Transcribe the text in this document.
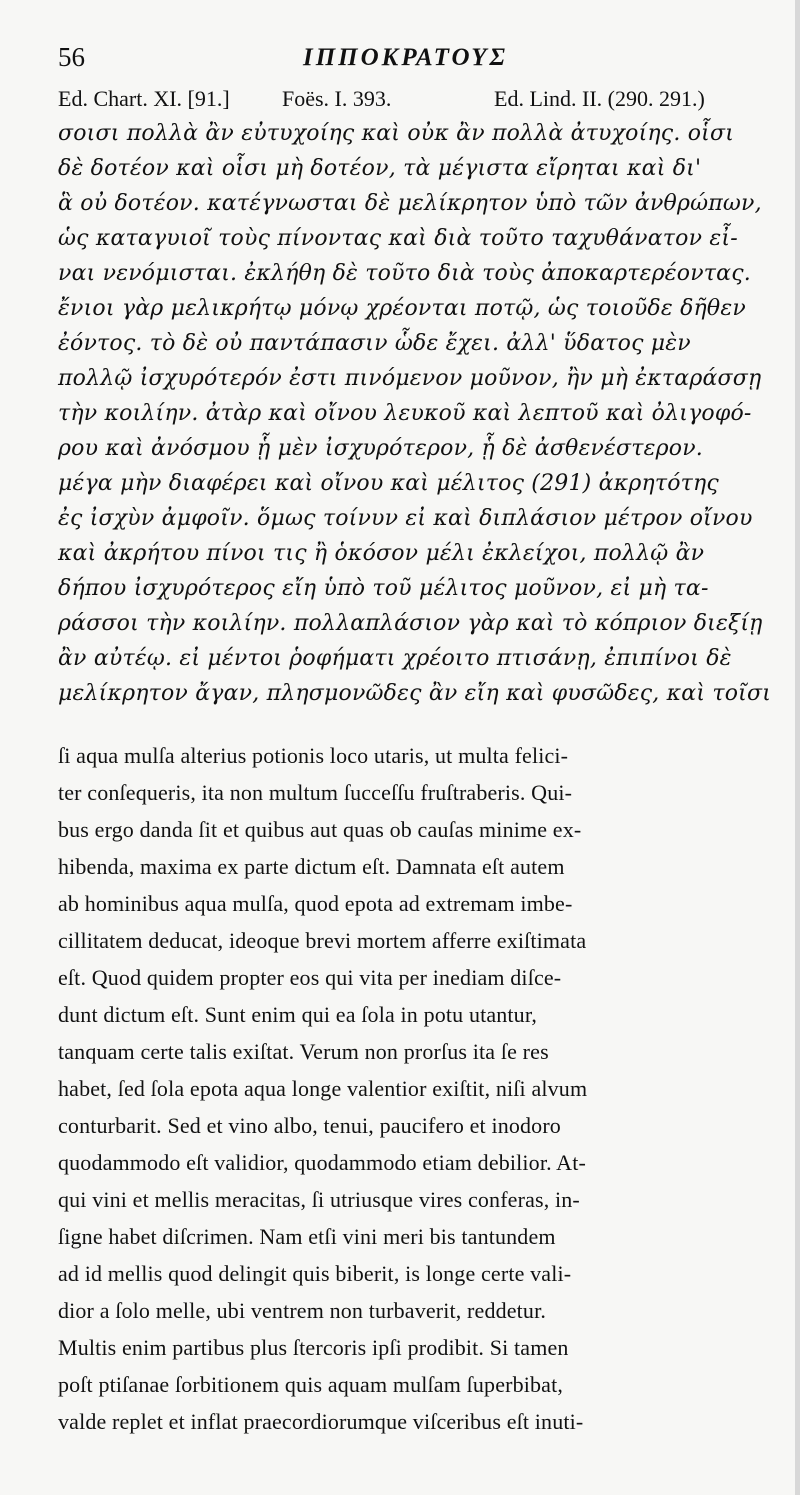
56	ΙΠΠΟΚΡΑΤΟΥΣ
Ed. Chart. XI. [91.] Foës. I. 393.	Ed. Lind. II. (290. 291.)
σοισι πολλὰ ἂν εὐτυχοίης καὶ οὐκ ἂν πολλὰ ἀτυχοίης. οἷσι
δὲ δοτέον καὶ οἷσι μὴ δοτέον, τὰ μέγιστα εἴρηται καὶ δι'
ἃ οὐ δοτέον. κατέγνωσται δὲ μελίκρητον ὑπὸ τῶν ἀνθρώπων,
ὡς καταγυιοῖ τοὺς πίνοντας καὶ διὰ τοῦτο ταχυθάνατον εἶ-
ναι νενόμισται. ἐκλήθη δὲ τοῦτο διὰ τοὺς ἀποκαρτερέοντας.
ἔνιοι γὰρ μελικρήτῳ μόνῳ χρέονται ποτῷ, ὡς τοιοῦδε δῆθεν
ἐόντος. τὸ δὲ οὐ παντάπασιν ὧδε ἔχει. ἀλλ' ὕδατος μὲν
πολλῷ ἰσχυρότερόν ἐστι πινόμενον μοῦνον, ἢν μὴ ἐκταράσσῃ
τὴν κοιλίην. ἀτὰρ καὶ οἴνου λευκοῦ καὶ λεπτοῦ καὶ ὀλιγοφό-
ρου καὶ ἀνόσμου ᾗ μὲν ἰσχυρότερον, ᾗ δὲ ἀσθενέστερον.
μέγα μὴν διαφέρει καὶ οἴνου καὶ μέλιτος (291) ἀκρητότης
ἐς ἰσχὺν ἀμφοῖν. ὅμως τοίνυν εἰ καὶ διπλάσιον μέτρον οἴνου
καὶ ἀκρήτου πίνοι τις ἢ ὁκόσον μέλι ἐκλείχοι, πολλῷ ἂν
δήπου ἰσχυρότερος εἴη ὑπὸ τοῦ μέλιτος μοῦνον, εἰ μὴ τα-
ράσσοι τὴν κοιλίην. πολλαπλάσιον γὰρ καὶ τὸ κόπριον διεξίῃ
ἂν αὐτέῳ. εἰ μέντοι ῥοφήματι χρέοιτο πτισάνῃ, ἐπιπίνοι δὲ
μελίκρητον ἄγαν, πλησμονῶδες ἂν εἴη καὶ φυσῶδες, καὶ τοῖσι
ſi aqua mulſa alterius potionis loco utaris, ut multa felici-
ter conſequeris, ita non multum ſucceſſu fruſtraberis. Qui-
bus ergo danda ſit et quibus aut quas ob cauſas minime ex-
hibenda, maxima ex parte dictum eſt. Damnata eſt autem
ab hominibus aqua mulſa, quod epota ad extremam imbe-
cillitatem deducat, ideoque brevi mortem afferre exiſtimata
eſt. Quod quidem propter eos qui vita per inediam diſce-
dunt dictum eſt. Sunt enim qui ea ſola in potu utantur,
tanquam certe talis exiſtat. Verum non prorſus ita ſe res
habet, ſed ſola epota aqua longe valentior exiſtit, niſi alvum
conturbarit. Sed et vino albo, tenui, paucifero et inodoro
quodammodo eſt validior, quodammodo etiam debilior. At-
qui vini et mellis meracitas, ſi utriusque vires conferas, in-
ſigne habet diſcrimen. Nam etſi vini meri bis tantundem
ad id mellis quod delingit quis biberit, is longe certe vali-
dior a ſolo melle, ubi ventrem non turbaverit, reddetur.
Multis enim partibus plus ſtercoris ipſi prodibit. Si tamen
poſt ptiſanae ſorbitionem quis aquam mulſam ſuperbibat,
valde replet et inflat praecordiorumque viſceribus eſt inuti-
